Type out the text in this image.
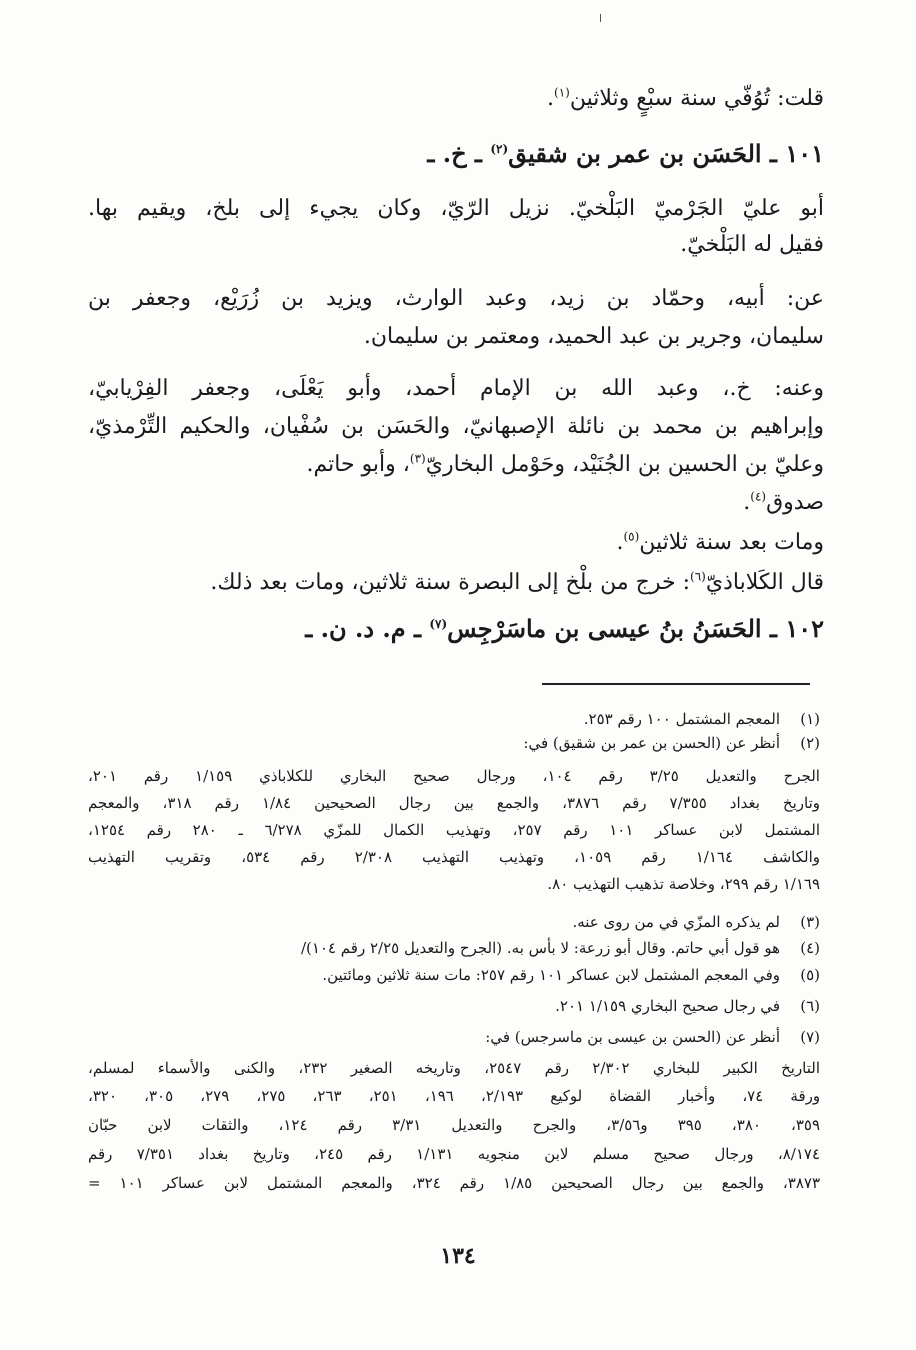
قلت: تُوُفّي سنة سبْعٍ وثلاثين$^{(١)}$.
١٠١ ـ الحَسَن بن عمر بن شقيق$^{(٢)}$ ـ خ. ـ
أبو عليّ الجَرْميّ البَلْخيّ. نزيل الرّيّ، وكان يجيء إلى بلخ، ويقيم بها.
فقيل له البَلْخيّ.
عن: أبيه، وحمّاد بن زيد، وعبد الوارث، ويزيد بن زُرَيْع، وجعفر بن
سليمان، وجرير بن عبد الحميد، ومعتمر بن سليمان.
وعنه: خ.، وعبد الله بن الإمام أحمد، وأبو يَعْلَى، وجعفر الفِرْيابيّ،
وإبراهيم بن محمد بن نائلة الإصبهانيّ، والحَسَن بن سُفْيان، والحكيم التِّرْمذيّ،
وعليّ بن الحسين بن الجُنَيْد، وحَوْمل البخاريّ$^{(٣)}$، وأبو حاتم.
صدوق$^{(٤)}$.
ومات بعد سنة ثلاثين$^{(٥)}$.
قال الكَلاباذيّ$^{(٦)}$: خرج من بلْخ إلى البصرة سنة ثلاثين، ومات بعد ذلك.
١٠٢ ـ الحَسَنُ بنُ عيسى بن ماسَرْجِس$^{(٧)}$ ـ م. د. ن. ـ
(١)المعجم المشتمل ١٠٠ رقم ٢٥٣.
(٢)أنظر عن (الحسن بن عمر بن شقيق) في:
الجرح والتعديل ٣/٢٥ رقم ١٠٤، ورجال صحيح البخاري للكلاباذي ١/١٥٩ رقم ٢٠١،
وتاريخ بغداد ٧/٣٥٥ رقم ٣٨٧٦، والجمع بين رجال الصحيحين ١/٨٤ رقم ٣١٨، والمعجم
المشتمل لابن عساكر ١٠١ رقم ٢٥٧، وتهذيب الكمال للمزّي ٦/٢٧٨ ـ ٢٨٠ رقم ١٢٥٤،
والكاشف ١/١٦٤ رقم ١٠٥٩، وتهذيب التهذيب ٢/٣٠٨ رقم ٥٣٤، وتقريب التهذيب
١/١٦٩ رقم ٢٩٩، وخلاصة تذهيب التهذيب ٨٠.
(٣)لم يذكره المزّي في من روى عنه.
(٤)هو قول أبي حاتم. وقال أبو زرعة: لا بأس به. (الجرح والتعديل ٢/٢٥ رقم ١٠٤)/
(٥)وفي المعجم المشتمل لابن عساكر ١٠١ رقم ٢٥٧: مات سنة ثلاثين ومائتين.
(٦)في رجال صحيح البخاري ١/١٥٩ ٢٠١.
(٧)أنظر عن (الحسن بن عيسى بن ماسرجس) في:
التاريخ الكبير للبخاري ٢/٣٠٢ رقم ٢٥٤٧، وتاريخه الصغير ٢٣٢، والكنى والأسماء لمسلم،
ورقة ٧٤، وأخبار القضاة لوكيع ٢/١٩٣، ١٩٦، ٢٥١، ٢٦٣، ٢٧٥، ٢٧٩، ٣٠٥، ٣٢٠،
٣٥٩، ٣٨٠، ٣٩٥ و٣/٥٦، والجرح والتعديل ٣/٣١ رقم ١٢٤، والثقات لابن حبّان
٨/١٧٤، ورجال صحيح مسلم لابن منجويه ١/١٣١ رقم ٢٤٥، وتاريخ بغداد ٧/٣٥١ رقم
٣٨٧٣، والجمع بين رجال الصحيحين ١/٨٥ رقم ٣٢٤، والمعجم المشتمل لابن عساكر ١٠١ =
١٣٤
